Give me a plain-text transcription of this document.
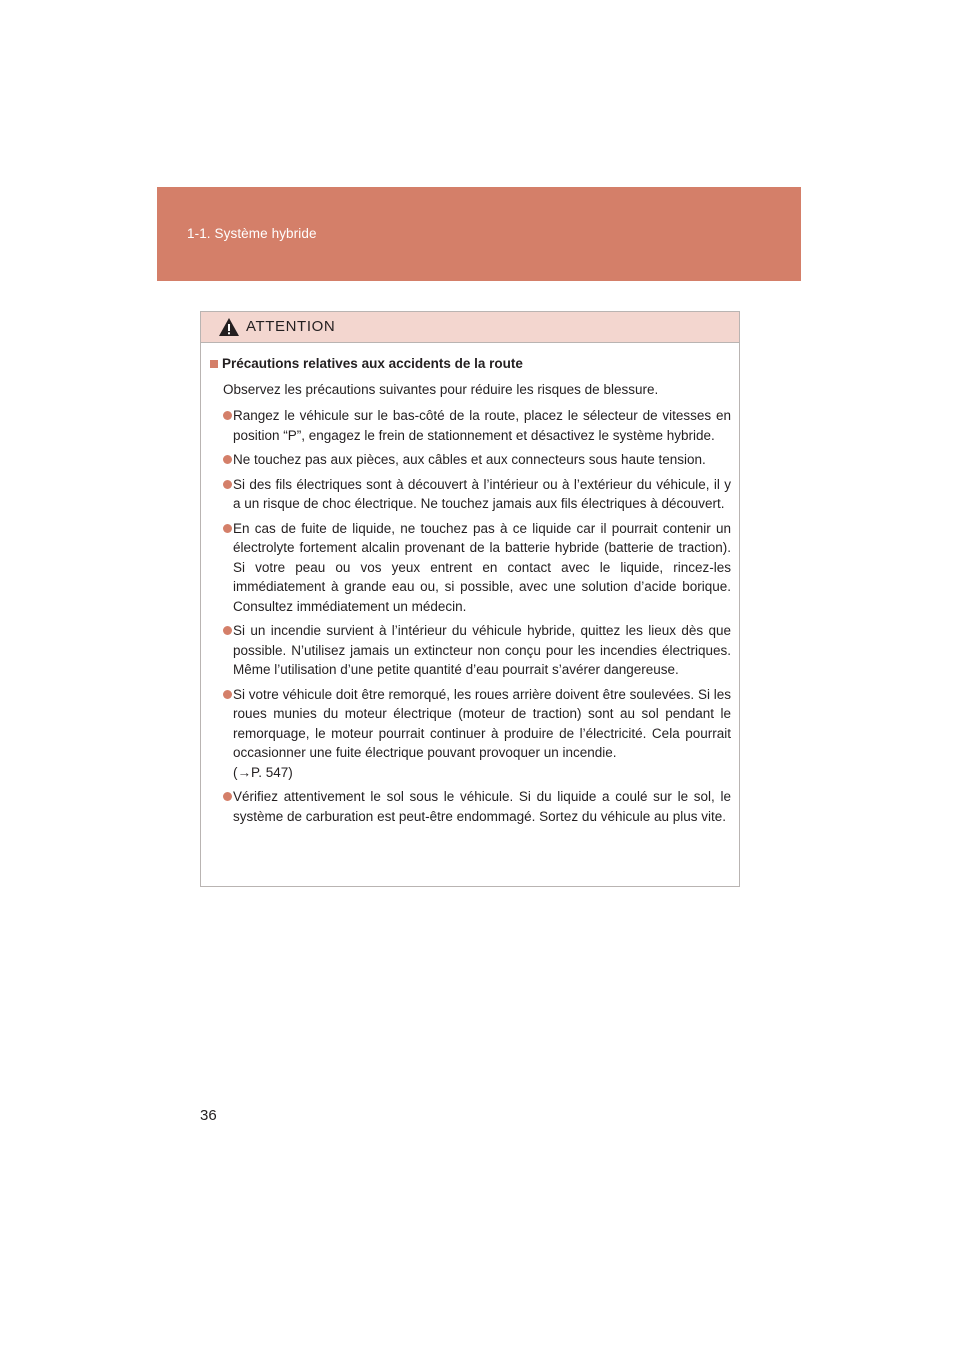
1-1. Système hybride
ATTENTION
Précautions relatives aux accidents de la route
Observez les précautions suivantes pour réduire les risques de blessure.
Rangez le véhicule sur le bas-côté de la route, placez le sélecteur de vitesses en position “P”, engagez le frein de stationnement et désactivez le système hybride.
Ne touchez pas aux pièces, aux câbles et aux connecteurs sous haute tension.
Si des fils électriques sont à découvert à l’intérieur ou à l’extérieur du véhicule, il y a un risque de choc électrique. Ne touchez jamais aux fils électriques à découvert.
En cas de fuite de liquide, ne touchez pas à ce liquide car il pourrait contenir un électrolyte fortement alcalin provenant de la batterie hybride (batterie de traction). Si votre peau ou vos yeux entrent en contact avec le liquide, rincez-les immédiatement à grande eau ou, si possible, avec une solution d’acide borique. Consultez immédiatement un médecin.
Si un incendie survient à l’intérieur du véhicule hybride, quittez les lieux dès que possible. N’utilisez jamais un extincteur non conçu pour les incendies électriques. Même l’utilisation d’une petite quantité d’eau pourrait s’avérer dangereuse.
Si votre véhicule doit être remorqué, les roues arrière doivent être soulevées. Si les roues munies du moteur électrique (moteur de traction) sont au sol pendant le remorquage, le moteur pourrait continuer à produire de l’électricité. Cela pourrait occasionner une fuite électrique pouvant provoquer un incendie.
(→P. 547)
Vérifiez attentivement le sol sous le véhicule. Si du liquide a coulé sur le sol, le système de carburation est peut-être endommagé. Sortez du véhicule au plus vite.
36
